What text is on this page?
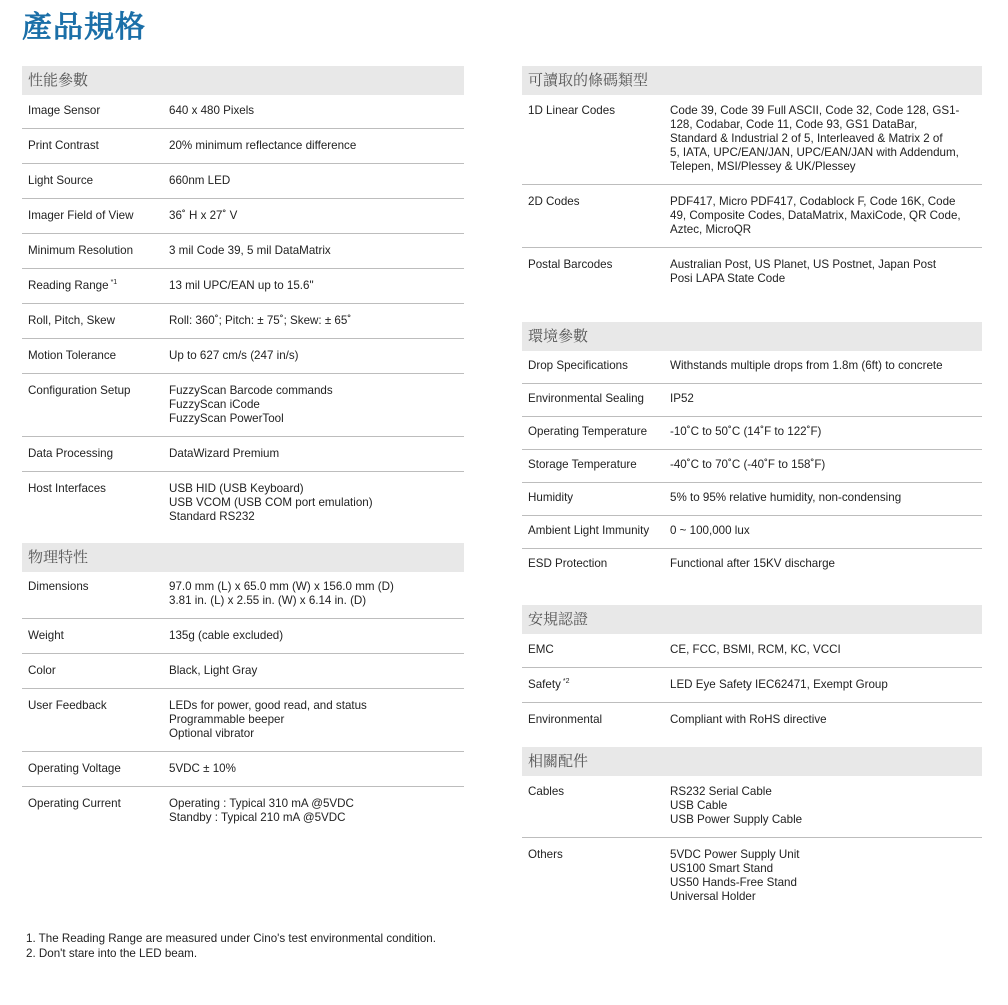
產品規格
性能參數
Image Sensor	640 x 480 Pixels

Print Contrast	20% minimum reflectance difference

Light Source	660nm LED

Imager Field of View	36˚ H x 27˚ V

Minimum Resolution	3 mil Code 39, 5 mil DataMatrix

Reading Range $^{*1}$	13 mil UPC/EAN up to 15.6"

Roll, Pitch, Skew	Roll: 360˚; Pitch: ± 75˚; Skew: ± 65˚

Motion Tolerance	Up to 627 cm/s (247 in/s)

Configuration Setup	FuzzyScan Barcode commands
FuzzyScan iCode
FuzzyScan PowerTool

Data Processing	DataWizard Premium

Host Interfaces	USB HID (USB Keyboard)
USB VCOM (USB COM port emulation)
Standard RS232
物理特性
Dimensions	97.0 mm (L) x 65.0 mm (W) x 156.0 mm (D)
3.81 in. (L) x 2.55 in. (W) x 6.14 in. (D)

Weight	135g (cable excluded)

Color	Black, Light Gray

User Feedback	LEDs for power, good read, and status
Programmable beeper
Optional vibrator

Operating Voltage	5VDC ± 10%

Operating Current	Operating : Typical 310 mA @5VDC
Standby : Typical 210 mA @5VDC
可讀取的條碼類型
1D Linear Codes	Code 39, Code 39 Full ASCII, Code 32, Code 128, GS1-
128, Codabar, Code 11, Code 93, GS1 DataBar,
Standard & Industrial 2 of 5, Interleaved & Matrix 2 of
5, IATA, UPC/EAN/JAN, UPC/EAN/JAN with Addendum,
Telepen, MSI/Plessey & UK/Plessey

2D Codes	PDF417, Micro PDF417, Codablock F, Code 16K, Code
49, Composite Codes, DataMatrix, MaxiCode, QR Code,
Aztec, MicroQR

Postal Barcodes	Australian Post, US Planet, US Postnet, Japan Post
Posi LAPA State Code
環境參數
Drop Specifications	Withstands multiple drops from 1.8m (6ft) to concrete

Environmental Sealing	IP52

Operating Temperature	-10˚C to 50˚C (14˚F to 122˚F)

Storage Temperature	-40˚C to 70˚C (-40˚F to 158˚F)

Humidity	5% to 95% relative humidity, non-condensing

Ambient Light Immunity	0 ~ 100,000 lux

ESD Protection	Functional after 15KV discharge
安規認證
EMC	CE, FCC, BSMI, RCM, KC, VCCI

Safety $^{*2}$	LED Eye Safety IEC62471, Exempt Group

Environmental	Compliant with RoHS directive
相關配件
Cables	RS232 Serial Cable
USB Cable
USB Power Supply Cable

Others	5VDC Power Supply Unit
US100 Smart Stand
US50 Hands-Free Stand
Universal Holder
1. The Reading Range are measured under Cino's test environmental condition.
2. Don't stare into the LED beam.
